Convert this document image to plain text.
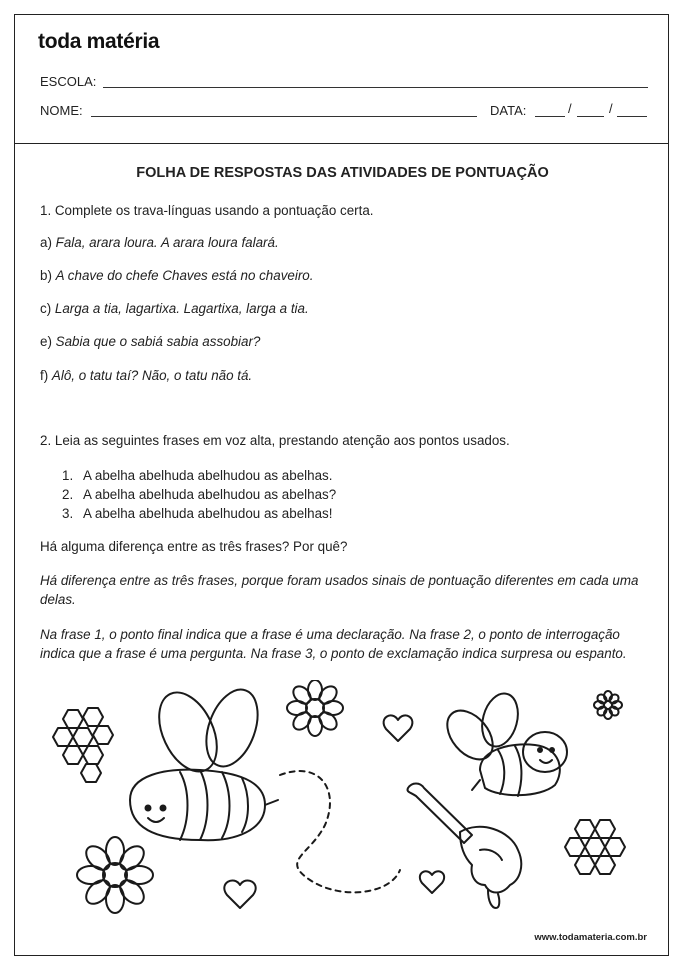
toda matéria
ESCOLA:
NOME:	DATA:	/	/
FOLHA DE RESPOSTAS DAS ATIVIDADES DE PONTUAÇÃO
1. Complete os trava-línguas usando a pontuação certa.
a) Fala, arara loura. A arara loura falará.
b) A chave do chefe Chaves está no chaveiro.
c) Larga a tia, lagartixa. Lagartixa, larga a tia.
e) Sabia que o sabiá sabia assobiar?
f) Alô, o tatu taí? Não, o tatu não tá.
2. Leia as seguintes frases em voz alta, prestando atenção aos pontos usados.
1. A abelha abelhuda abelhudou as abelhas.
2. A abelha abelhuda abelhudou as abelhas?
3. A abelha abelhuda abelhudou as abelhas!
Há alguma diferença entre as três frases? Por quê?
Há diferença entre as três frases, porque foram usados sinais de pontuação diferentes em cada uma delas.
Na frase 1, o ponto final indica que a frase é uma declaração. Na frase 2, o ponto de interrogação indica que a frase é uma pergunta. Na frase 3, o ponto de exclamação indica surpresa ou espanto.
www.todamateria.com.br
